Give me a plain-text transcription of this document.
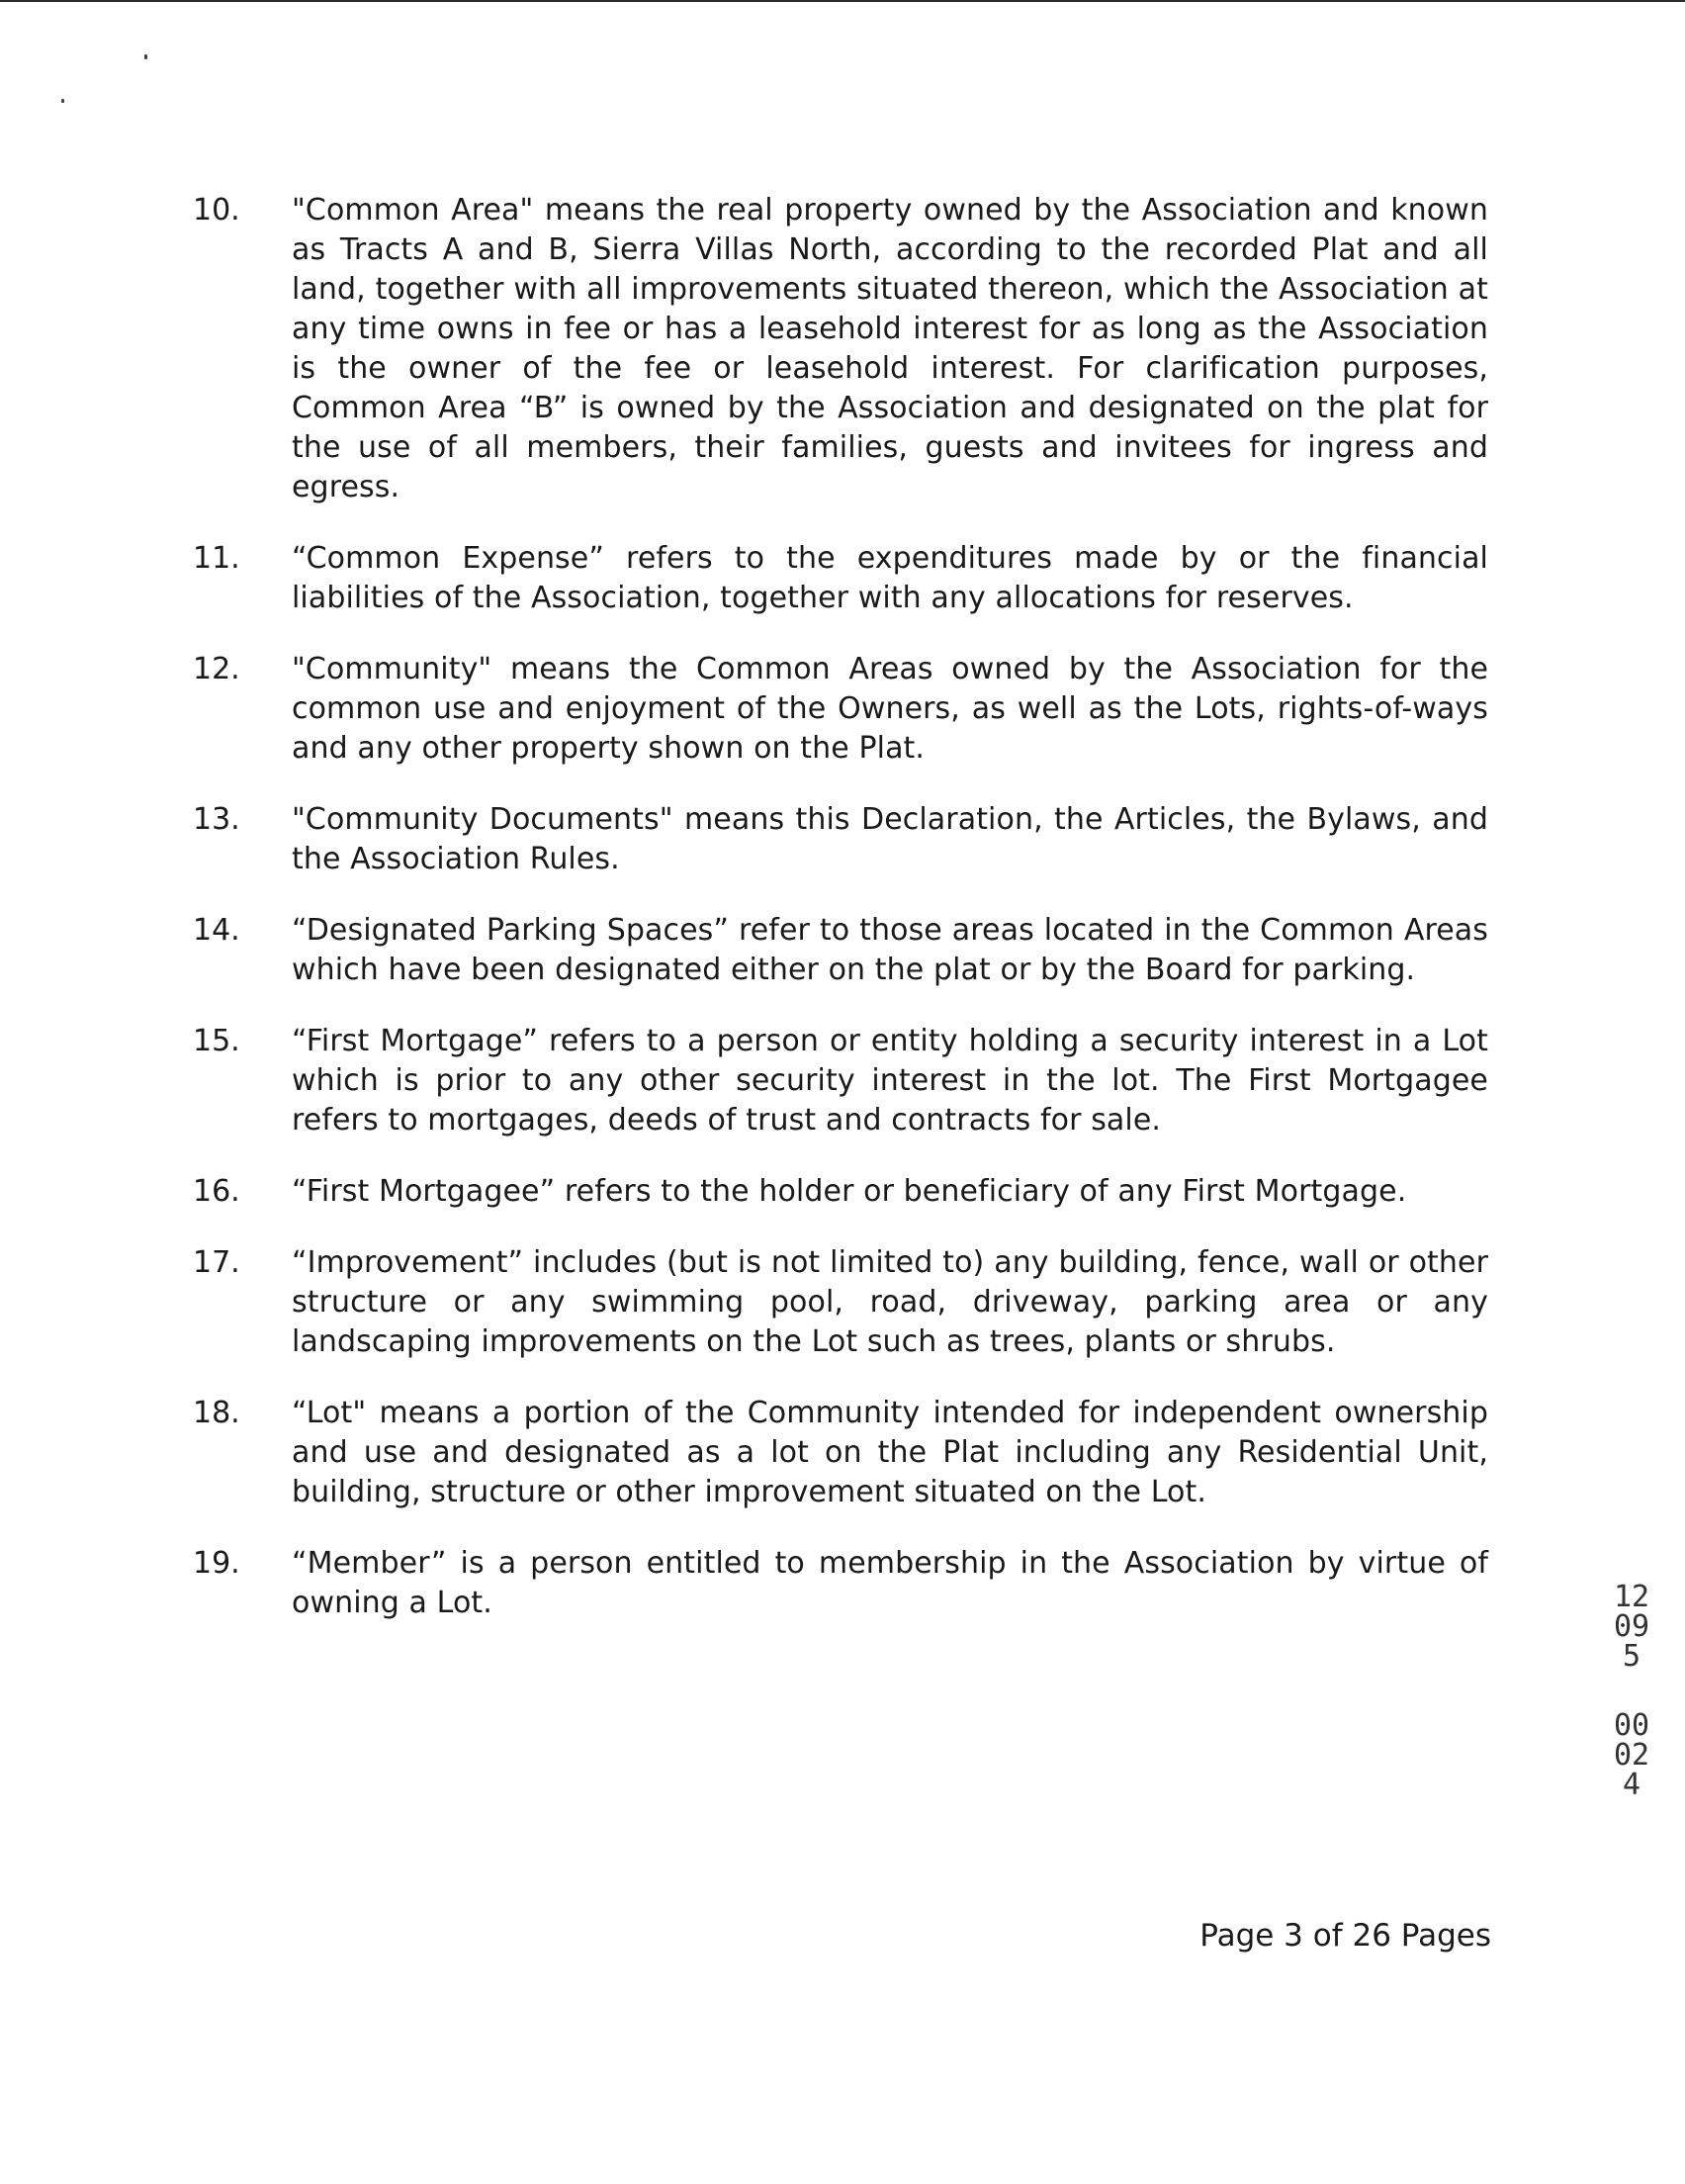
10.	"Common Area" means the real property owned by the Association and known as Tracts A and B, Sierra Villas North, according to the recorded Plat and all land, together with all improvements situated thereon, which the Association at any time owns in fee or has a leasehold interest for as long as the Association is the owner of the fee or leasehold interest. For clarification purposes, Common Area “B” is owned by the Association and designated on the plat for the use of all members, their families, guests and invitees for ingress and egress.
11.	“Common Expense” refers to the expenditures made by or the financial liabilities of the Association, together with any allocations for reserves.
12.	"Community" means the Common Areas owned by the Association for the common use and enjoyment of the Owners, as well as the Lots, rights-of-ways and any other property shown on the Plat.
13.	"Community Documents" means this Declaration, the Articles, the Bylaws, and the Association Rules.
14.	“Designated Parking Spaces” refer to those areas located in the Common Areas which have been designated either on the plat or by the Board for parking.
15.	“First Mortgage” refers to a person or entity holding a security interest in a Lot which is prior to any other security interest in the lot. The First Mortgagee refers to mortgages, deeds of trust and contracts for sale.
16.	“First Mortgagee” refers to the holder or beneficiary of any First Mortgage.
17.	“Improvement” includes (but is not limited to) any building, fence, wall or other structure or any swimming pool, road, driveway, parking area or any landscaping improvements on the Lot such as trees, plants or shrubs.
18.	“Lot" means a portion of the Community intended for independent ownership and use and designated as a lot on the Plat including any Residential Unit, building, structure or other improvement situated on the Lot.
19.	“Member” is a person entitled to membership in the Association by virtue of owning a Lot.
Page 3 of 26 Pages
12095
00024
